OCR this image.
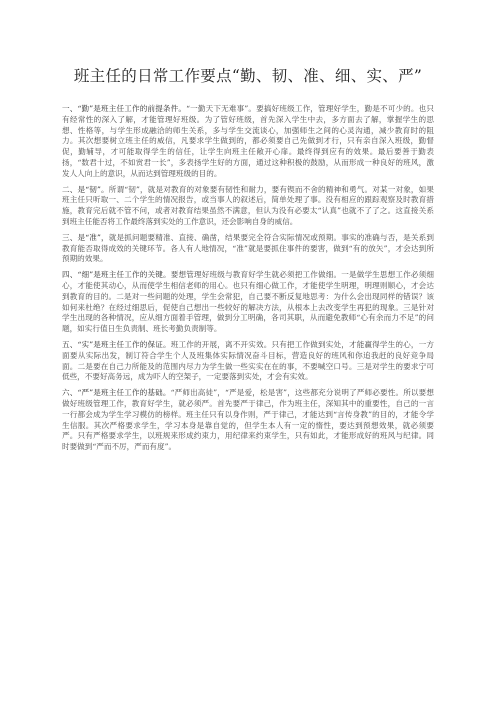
班主任的日常工作要点“勤、韧、准、细、实、严”

一、“勤”是班主任工作的前提条件。“一勤天下无难事”。要搞好班级工作，管理好学生，勤是不可少的。也只有经常性的深入了解，才能管理好班级。为了管好班级，首先深入学生中去，多方面去了解，掌握学生的思想、性格等，与学生形成融洽的师生关系，多与学生交流谈心，加强师生之间的心灵沟通，减少教育时的阻力。其次想要树立班主任的威信，凡要求学生做到的，都必须要自己先做到才行，只有亲自深入班级，勤督促，勤辅导，才可能取得学生的信任，让学生向班主任敞开心扉。最终得到应有的效果。最后要善于勤表扬，“数君十过，不如赏君一长”，多表扬学生好的方面，通过这种积极的鼓励，从而形成一种良好的班风，激发人人向上的意识，从而达到管理班级的目的。

二、是“韧”。所谓“韧”，就是对教育的对象要有韧性和耐力，要有锲而不舍的精神和勇气。对某一对象，如果班主任只听取一、二个学生的情况报告，或当事人的叙述后，简单处理了事。没有相应的跟踪观察及时教育措施，教育完后就不管不问，或者对教育结果虽然不满意，但认为没有必要太“认真”也就不了了之。这直接关系到班主任能否将工作最终落到实处的工作意识，还会影响自身的威信。

三、是“准”，就是抓问题要精准、直接、确凿，结果要完全符合实际情况或预期。事实的准确与否，是关系到教育能否取得成效的关键环节。各人有人地情况，“准”就是要抓住事件的要害，做到“有的放矢”，才会达到所预期的效果。

四、“细”是班主任工作的关键。要想管理好班级与教育好学生就必须把工作做细。一是做学生思想工作必须细心，才能使其动心，从而使学生相信老师的用心。也只有细心做工作，才能使学生明理，明理则顺心，才会达到教育的目的。二是对一些问题的处理，学生会常犯，自己要不断反复地思考：为什么会出现同样的错误？该如何来杜绝？在经过细思后，促使自己想出一些较好的解决方法，从根本上去改变学生再犯的现象。三是针对学生出现的各种情况，应从细方面着手管理，做到分工明确，各司其职，从而避免教师“心有余而力不足”的问题，如实行值日生负责制、班长考勤负责制等。

五、“实”是班主任工作的保证。班工作的开展，离不开实效。只有把工作做到实处，才能赢得学生的心，一方面要从实际出发，制订符合学生个人及班集体实际情况奋斗目标，营造良好的班风和你追我赶的良好竞争局面。二是要在自己力所能及的范围内尽力为学生做一些实实在在的事，不要喊空口号。三是对学生的要求宁可低些，不要好高务远，成为吓人的空架子，一定要落到实处，才会有实效。

六、“严”是班主任工作的基础。“严师出高徒”，“严是爱，松是害”，这些都充分说明了严师必要性。所以要想做好班级管理工作，教育好学生，就必须严。首先要严于律己，作为班主任，深知其中的重要性，自己的一言一行都会成为学生学习模仿的榜样。班主任只有以身作则，严于律己，才能达到“言传身教”的目的，才能令学生信服。其次严格要求学生，学习本身是靠自觉的，但学生本人有一定的惰性，要达到预想效果，就必须要严。只有严格要求学生，以班规来形成约束力，用纪律来约束学生，只有如此，才能形成好的班风与纪律。同时要做到“严而不厉，严而有度”。
